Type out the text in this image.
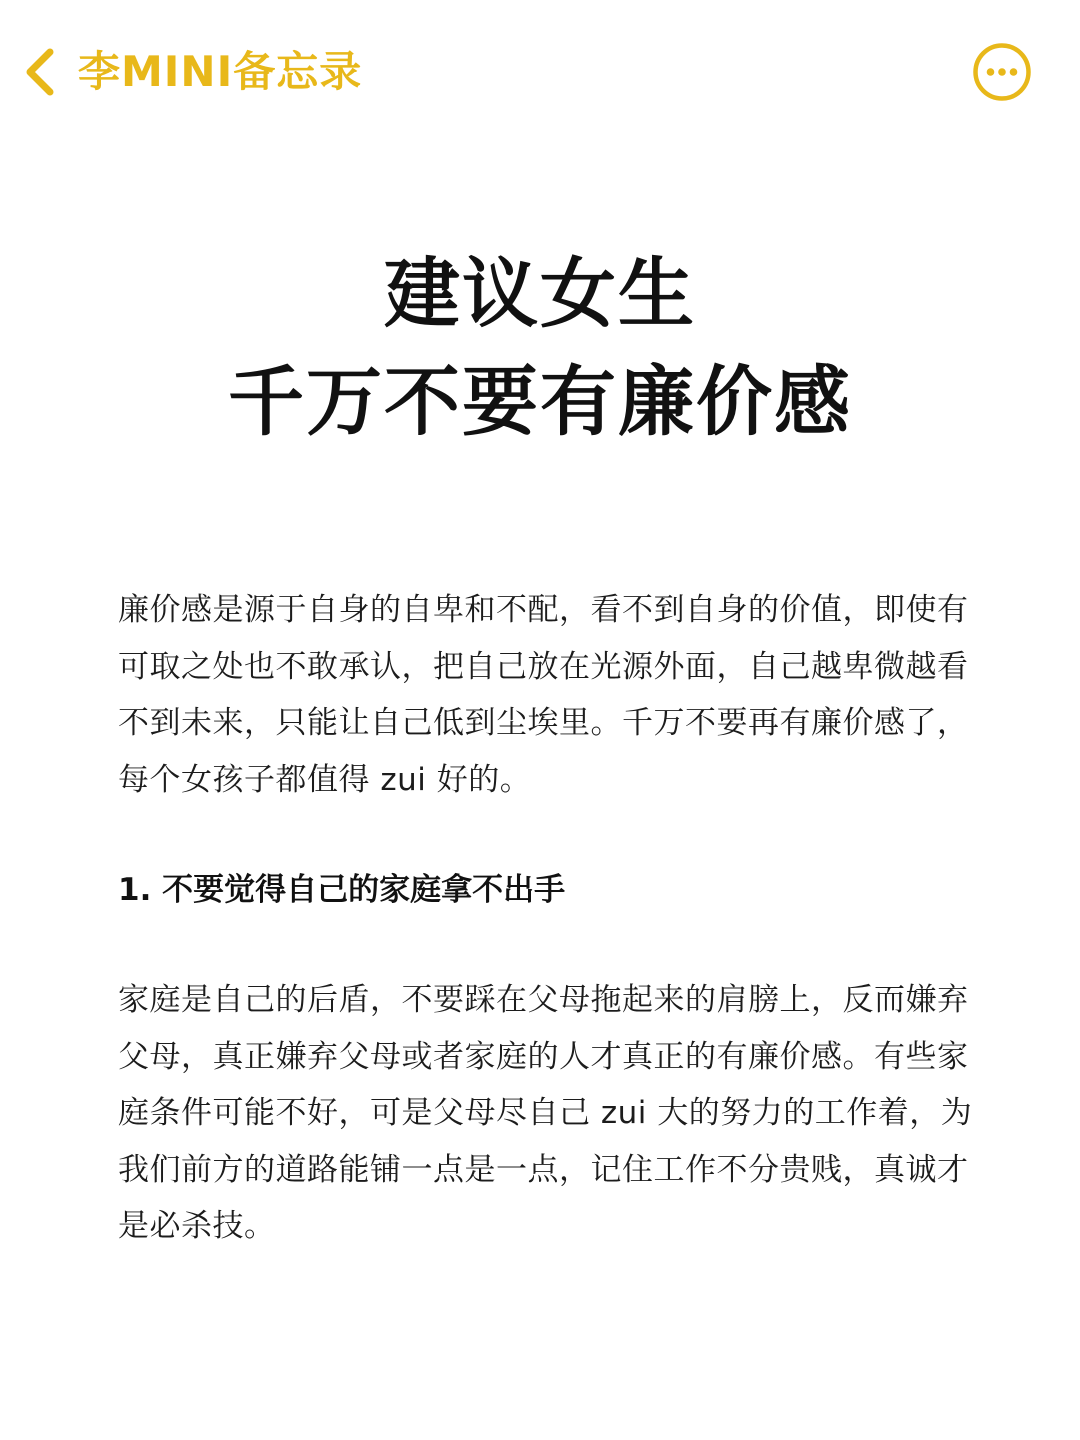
李MINI备忘录
建议女生
千万不要有廉价感

廉价感是源于自身的自卑和不配，看不到自身的价值，即使有可取之处也不敢承认，把自己放在光源外面，自己越卑微越看不到未来，只能让自己低到尘埃里。千万不要再有廉价感了，每个女孩子都值得 zui 好的。

1. 不要觉得自己的家庭拿不出手

家庭是自己的后盾，不要踩在父母拖起来的肩膀上，反而嫌弃父母，真正嫌弃父母或者家庭的人才真正的有廉价感。有些家庭条件可能不好，可是父母尽自己 zui 大的努力的工作着，为我们前方的道路能铺一点是一点，记住工作不分贵贱，真诚才是必杀技。
